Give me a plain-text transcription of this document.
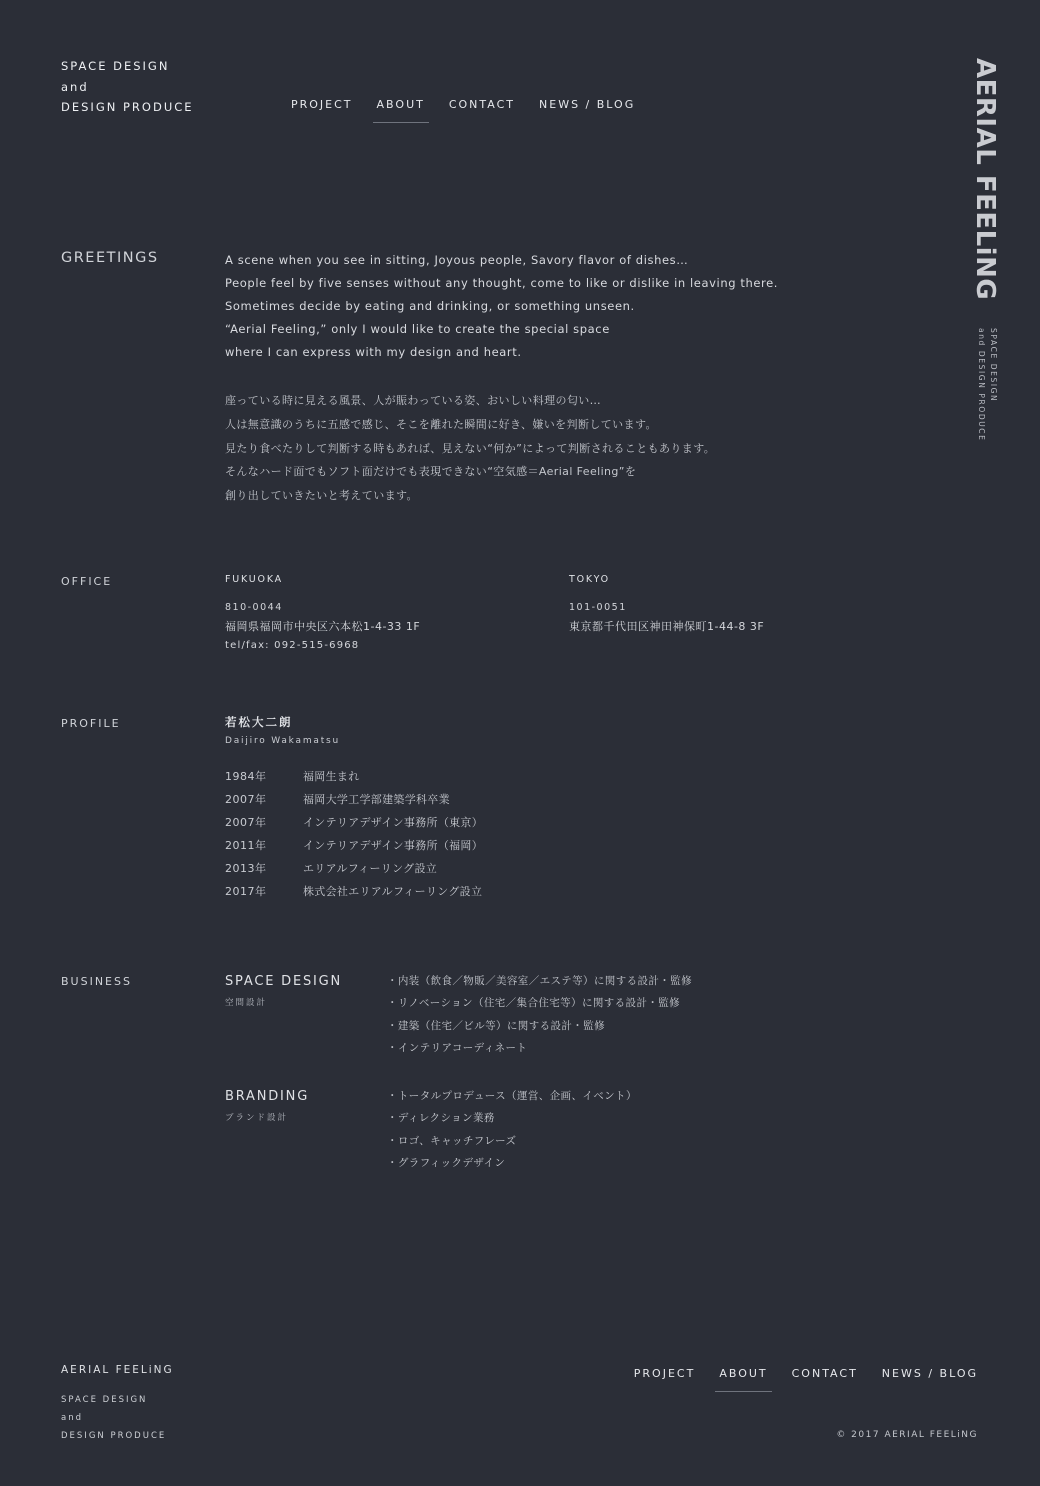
SPACE DESIGN
and
DESIGN PRODUCE	PROJECT ABOUT CONTACT NEWS / BLOG	AERIAL FEELiNG
SPACE DESIGN
and DESIGN PRODUCE
GREETINGS	A scene when you see in sitting, Joyous people, Savory flavor of dishes…
People feel by five senses without any thought, come to like or dislike in leaving there.
Sometimes decide by eating and drinking, or something unseen.
“Aerial Feeling,” only I would like to create the special space
where I can express with my design and heart.
座っている時に見える風景、人が賑わっている姿、おいしい料理の匂い…
人は無意識のうちに五感で感じ、そこを離れた瞬間に好き、嫌いを判断しています。
見たり食べたりして判断する時もあれば、見えない“何か”によって判断されることもあります。
そんなハード面でもソフト面だけでも表現できない“空気感＝Aerial Feeling”を
創り出していきたいと考えています。
OFFICE	FUKUOKA
810-0044
福岡県福岡市中央区六本松1-4-33 1F
tel/fax: 092-515-6968
TOKYO
101-0051
東京都千代田区神田神保町1-44-8 3F
PROFILE	若松大二朗
Daijiro Wakamatsu
1984年	福岡生まれ
2007年	福岡大学工学部建築学科卒業
2007年	インテリアデザイン事務所（東京）
2011年	インテリアデザイン事務所（福岡）
2013年	エリアルフィーリング設立
2017年	株式会社エリアルフィーリング設立
BUSINESS	SPACE DESIGN
空間設計
・内装（飲食／物販／美容室／エステ等）に関する設計・監修
・リノベーション（住宅／集合住宅等）に関する設計・監修
・建築（住宅／ビル等）に関する設計・監修
・インテリアコーディネート
BRANDING
ブランド設計
・トータルプロデュース（運営、企画、イベント）
・ディレクション業務
・ロゴ、キャッチフレーズ
・グラフィックデザイン
AERIAL FEELiNG
SPACE DESIGN
and
DESIGN PRODUCE
PROJECT ABOUT CONTACT NEWS / BLOG
© 2017 AERIAL FEELiNG
